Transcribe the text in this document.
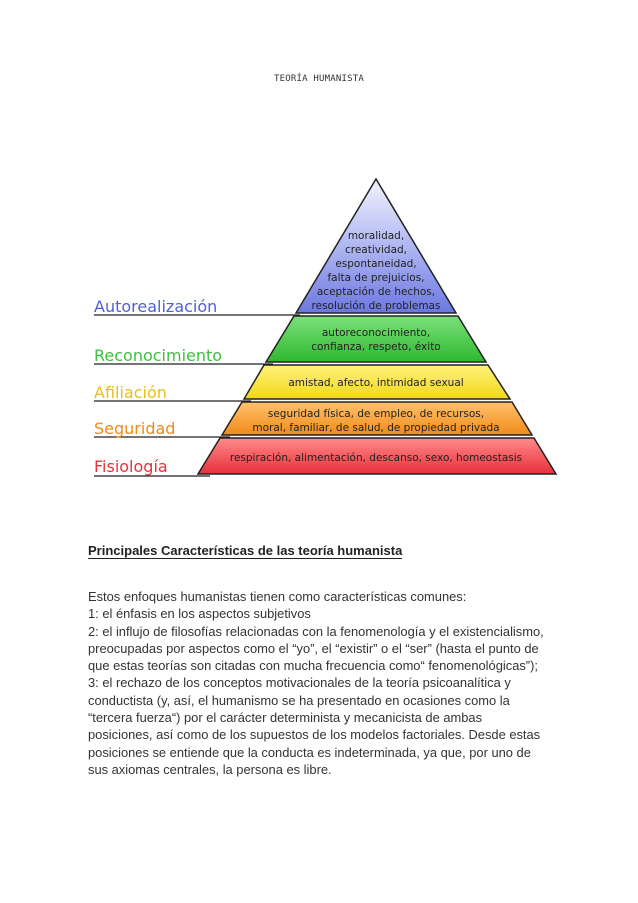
TEORÍA HUMANISTA
Autorealización
Reconocimiento
Afiliación
Seguridad
Fisiología
moralidad,
creatividad,
espontaneidad,
falta de prejuicios,
aceptación de hechos,
resolución de problemas
autoreconocimiento,
confianza, respeto, éxito
amistad, afecto, intimidad sexual
seguridad física, de empleo, de recursos,
moral, familiar, de salud, de propiedad privada
respiración, alimentación, descanso, sexo, homeostasis
Principales Características de las teoría humanista
Estos enfoques humanistas tienen como características comunes:
1: el énfasis en los aspectos subjetivos
2: el influjo de filosofías relacionadas con la fenomenología y el existencialismo,
preocupadas por aspectos como el “yo”, el “existir” o el “ser” (hasta el punto de
que estas teorías son citadas con mucha frecuencia como“ fenomenológicas”);
3: el rechazo de los conceptos motivacionales de la teoría psicoanalítica y
conductista (y, así, el humanismo se ha presentado en ocasiones como la
“tercera fuerza“) por el carácter determinista y mecanicista de ambas
posiciones, así como de los supuestos de los modelos factoriales. Desde estas
posiciones se entiende que la conducta es indeterminada, ya que, por uno de
sus axiomas centrales, la persona es libre.
